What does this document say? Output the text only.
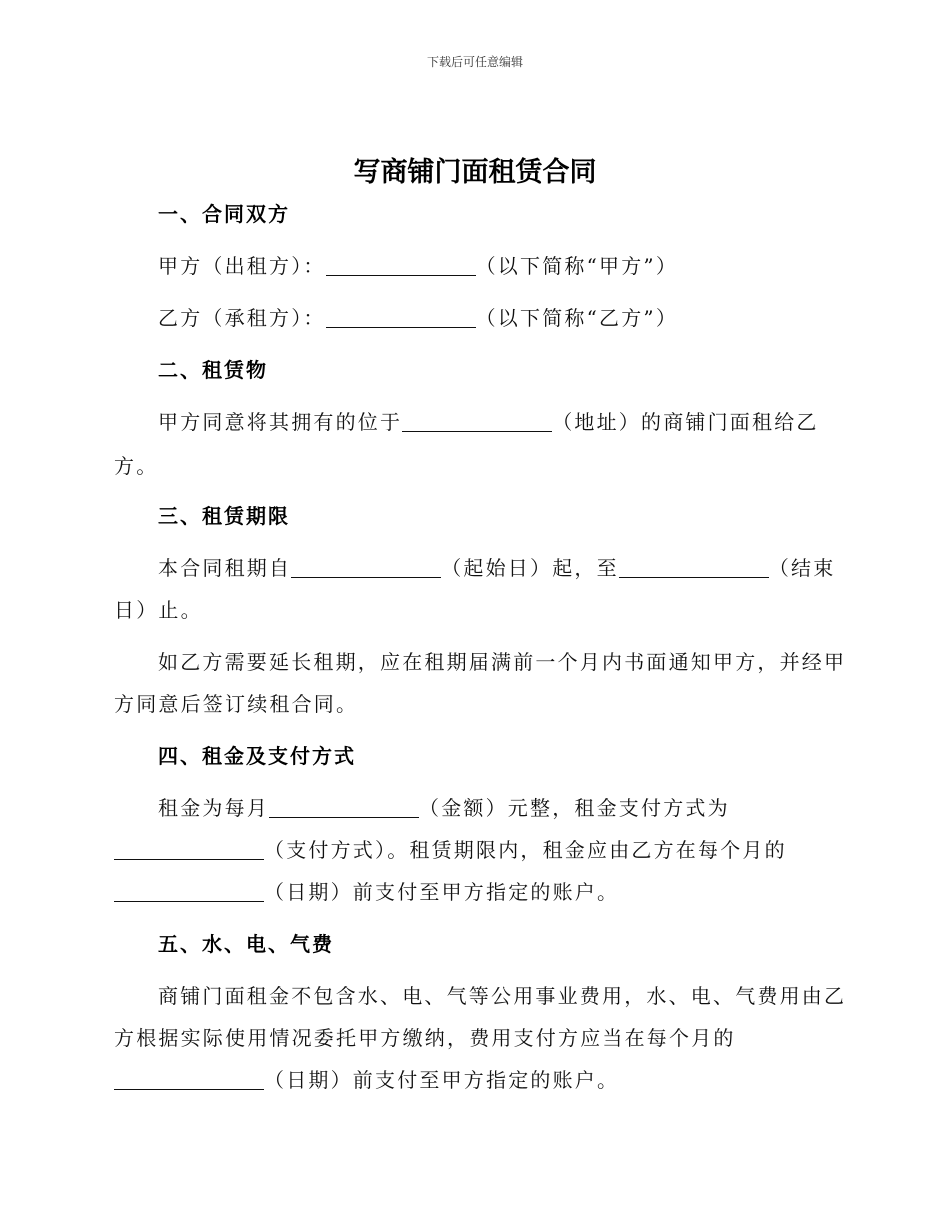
下载后可任意编辑
写商铺门面租赁合同
一、合同双方
甲方（出租方）：	（以下简称“甲方”）
乙方（承租方）：	（以下简称“乙方”）
二、租赁物
甲方同意将其拥有的位于	（地址）的商铺门面租给乙
方。
三、租赁期限
本合同租期自	（起始日）起，至	（结束
日）止。
如乙方需要延长租期，应在租期届满前一个月内书面通知甲方，并经甲
方同意后签订续租合同。
四、租金及支付方式
租金为每月	（金额）元整，租金支付方式为
（支付方式）。租赁期限内，租金应由乙方在每个月的
（日期）前支付至甲方指定的账户。
五、水、电、气费
商铺门面租金不包含水、电、气等公用事业费用，水、电、气费用由乙
方根据实际使用情况委托甲方缴纳，费用支付方应当在每个月的
（日期）前支付至甲方指定的账户。
